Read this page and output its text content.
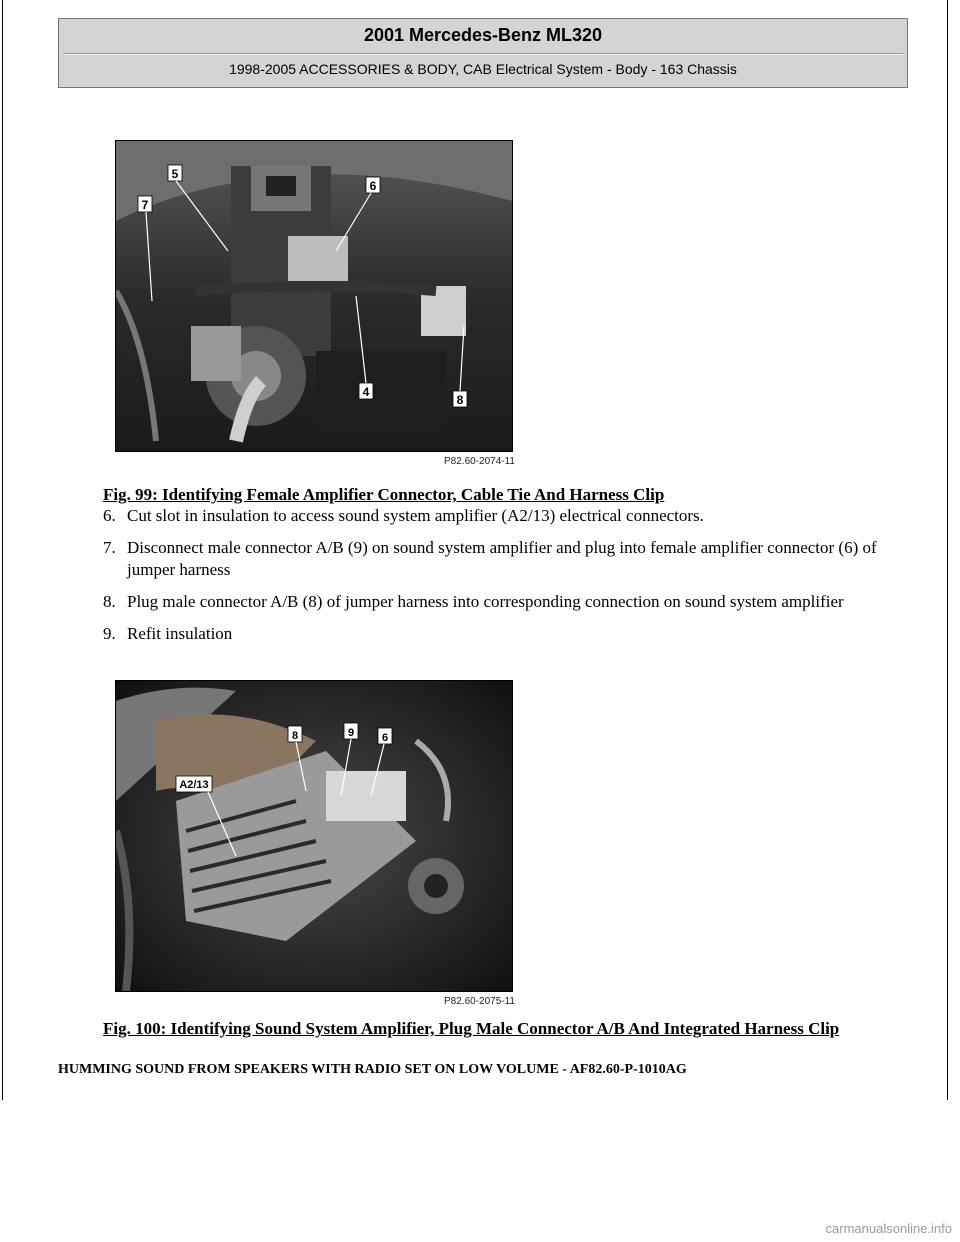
2001 Mercedes-Benz ML320
1998-2005 ACCESSORIES & BODY, CAB Electrical System - Body - 163 Chassis
5
7
6
4
8
P82.60-2074-11
Fig. 99: Identifying Female Amplifier Connector, Cable Tie And Harness Clip
6. Cut slot in insulation to access sound system amplifier (A2/13) electrical connectors.
7. Disconnect male connector A/B (9) on sound system amplifier and plug into female amplifier connector (6) of jumper harness
8. Plug male connector A/B (8) of jumper harness into corresponding connection on sound system amplifier
9. Refit insulation
A2/13
8	9	6
P82.60-2075-11
Fig. 100: Identifying Sound System Amplifier, Plug Male Connector A/B And Integrated Harness Clip
HUMMING SOUND FROM SPEAKERS WITH RADIO SET ON LOW VOLUME - AF82.60-P-1010AG
carmanualsonline.info
